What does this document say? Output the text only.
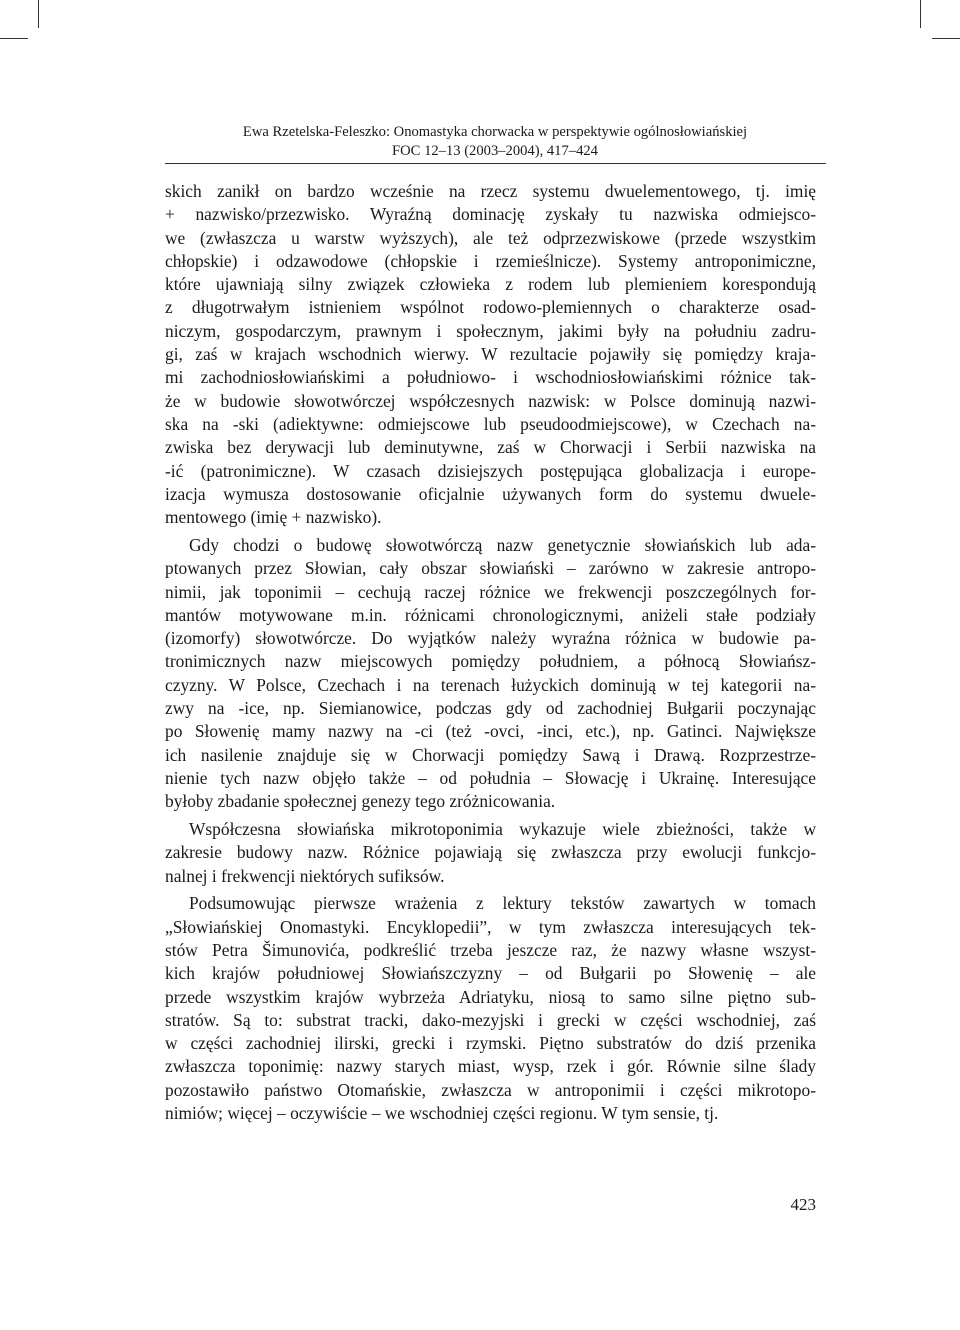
Ewa Rzetelska-Feleszko: Onomastyka chorwacka w perspektywie ogólnosłowiańskiej
FOC 12–13 (2003–2004), 417–424
skich zanikł on bardzo wcześnie na rzecz systemu dwuelementowego, tj. imię
+ nazwisko/przezwisko. Wyraźną dominację zyskały tu nazwiska odmiejsco-
we (zwłaszcza u warstw wyższych), ale też odprzezwiskowe (przede wszystkim
chłopskie) i odzawodowe (chłopskie i rzemieślnicze). Systemy antroponimiczne,
które ujawniają silny związek człowieka z rodem lub plemieniem korespondują
z długotrwałym istnieniem wspólnot rodowo-plemiennych o charakterze osad-
niczym, gospodarczym, prawnym i społecznym, jakimi były na południu zadru-
gi, zaś w krajach wschodnich wierwy. W rezultacie pojawiły się pomiędzy kraja-
mi zachodniosłowiańskimi a południowo- i wschodniosłowiańskimi różnice tak-
że w budowie słowotwórczej współczesnych nazwisk: w Polsce dominują nazwi-
ska na -ski (adiektywne: odmiejscowe lub pseudoodmiejscowe), w Czechach na-
zwiska bez derywacji lub deminutywne, zaś w Chorwacji i Serbii nazwiska na
-ić (patronimiczne). W czasach dzisiejszych postępująca globalizacja i europe-
izacja wymusza dostosowanie oficjalnie używanych form do systemu dwuele-
mentowego (imię + nazwisko).
Gdy chodzi o budowę słowotwórczą nazw genetycznie słowiańskich lub ada-
ptowanych przez Słowian, cały obszar słowiański – zarówno w zakresie antropo-
nimii, jak toponimii – cechują raczej różnice we frekwencji poszczególnych for-
mantów motywowane m.in. różnicami chronologicznymi, aniżeli stałe podziały
(izomorfy) słowotwórcze. Do wyjątków należy wyraźna różnica w budowie pa-
tronimicznych nazw miejscowych pomiędzy południem, a północą Słowiańsz-
czyzny. W Polsce, Czechach i na terenach łużyckich dominują w tej kategorii na-
zwy na -ice, np. Siemianowice, podczas gdy od zachodniej Bułgarii poczynając
po Słowenię mamy nazwy na -ci (też -ovci, -inci, etc.), np. Gatinci. Największe
ich nasilenie znajduje się w Chorwacji pomiędzy Sawą i Drawą. Rozprzestrze-
nienie tych nazw objęło także – od południa – Słowację i Ukrainę. Interesujące
byłoby zbadanie społecznej genezy tego zróżnicowania.
Współczesna słowiańska mikrotoponimia wykazuje wiele zbieżności, także w
zakresie budowy nazw. Różnice pojawiają się zwłaszcza przy ewolucji funkcjo-
nalnej i frekwencji niektórych sufiksów.
Podsumowując pierwsze wrażenia z lektury tekstów zawartych w tomach
„Słowiańskiej Onomastyki. Encyklopedii”, w tym zwłaszcza interesujących tek-
stów Petra Šimunovića, podkreślić trzeba jeszcze raz, że nazwy własne wszyst-
kich krajów południowej Słowiańszczyzny – od Bułgarii po Słowenię – ale
przede wszystkim krajów wybrzeża Adriatyku, niosą to samo silne piętno sub-
stratów. Są to: substrat tracki, dako-mezyjski i grecki w części wschodniej, zaś
w części zachodniej ilirski, grecki i rzymski. Piętno substratów do dziś przenika
zwłaszcza toponimię: nazwy starych miast, wysp, rzek i gór. Równie silne ślady
pozostawiło państwo Otomańskie, zwłaszcza w antroponimii i części mikrotopo-
nimiów; więcej – oczywiście – we wschodniej części regionu. W tym sensie, tj.
423
